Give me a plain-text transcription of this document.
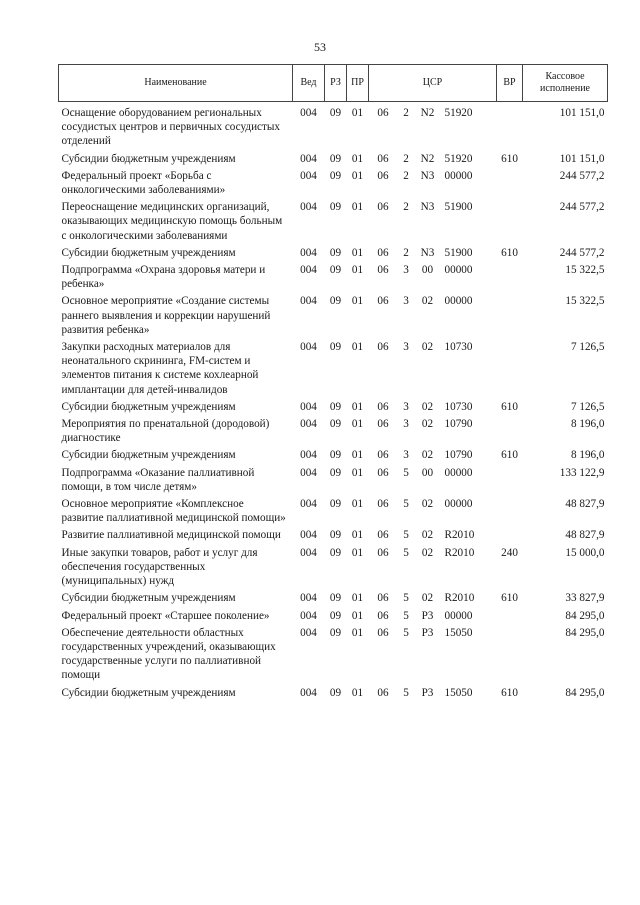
53
Наименование	Вед	РЗ	ПР	ЦСР				ВР	Кассовое исполнение
Оснащение оборудованием региональных сосудистых центров и первичных сосудистых отделений	004	09	01	06	2	N2	51920		101 151,0
Субсидии бюджетным учреждениям	004	09	01	06	2	N2	51920	610	101 151,0
Федеральный проект «Борьба с онкологическими заболеваниями»	004	09	01	06	2	N3	00000		244 577,2
Переоснащение медицинских организаций, оказывающих медицинскую помощь больным с онкологическими заболеваниями	004	09	01	06	2	N3	51900		244 577,2
Субсидии бюджетным учреждениям	004	09	01	06	2	N3	51900	610	244 577,2
Подпрограмма «Охрана здоровья матери и ребенка»	004	09	01	06	3	00	00000		15 322,5
Основное мероприятие «Создание системы раннего выявления и коррекции нарушений развития ребенка»	004	09	01	06	3	02	00000		15 322,5
Закупки расходных материалов для неонатального скрининга, FM-систем и элементов питания к системе кохлеарной имплантации для детей-инвалидов	004	09	01	06	3	02	10730		7 126,5
Субсидии бюджетным учреждениям	004	09	01	06	3	02	10730	610	7 126,5
Мероприятия по пренатальной (дородовой) диагностике	004	09	01	06	3	02	10790		8 196,0
Субсидии бюджетным учреждениям	004	09	01	06	3	02	10790	610	8 196,0
Подпрограмма «Оказание паллиативной помощи, в том числе детям»	004	09	01	06	5	00	00000		133 122,9
Основное мероприятие «Комплексное развитие паллиативной медицинской помощи»	004	09	01	06	5	02	00000		48 827,9
Развитие паллиативной медицинской помощи	004	09	01	06	5	02	R2010		48 827,9
Иные закупки товаров, работ и услуг для обеспечения государственных (муниципальных) нужд	004	09	01	06	5	02	R2010	240	15 000,0
Субсидии бюджетным учреждениям	004	09	01	06	5	02	R2010	610	33 827,9
Федеральный проект «Старшее поколение»	004	09	01	06	5	P3	00000		84 295,0
Обеспечение деятельности областных государственных учреждений, оказывающих государственные услуги по паллиативной помощи	004	09	01	06	5	P3	15050		84 295,0
Субсидии бюджетным учреждениям	004	09	01	06	5	P3	15050	610	84 295,0
